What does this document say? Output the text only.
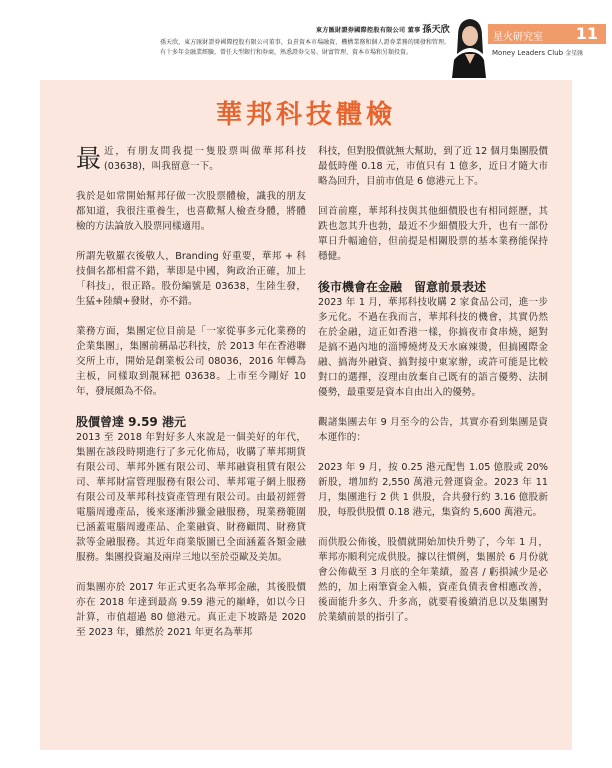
東方匯財證券國際控股有限公司 董事 孫天欣
孫天欣，東方匯財證券國際控股有限公司董事，負責資本市場融資、機構業務和個人證券業務的開發和管理。有十多年金融業經驗，曾任大型銀行和券商，熟悉證券交易、財富管理、資本市場和另類投資。
星火研究室 11
Money Leaders Club 金星匯
華邦科技體檢

最近，有朋友問我提一隻股票叫做華邦科技(03638)，叫我留意一下。

我於是如常開始幫邦仔做一次股票體檢，識我的朋友都知道，我很注重養生，也喜歡幫人檢查身體，將體檢的方法論放入股票同樣適用。

所謂先敬羅衣後敬人，Branding 好重要，華邦 + 科技個名都相當不錯，華即是中國，夠政治正確，加上「科技」，很正路。股份編號是 03638，生陸生發，生猛+陸續+發財，亦不錯。

業務方面，集團定位目前是「一家從事多元化業務的企業集團」，集團前稱晶芯科技，於 2013 年在香港聯交所上市，開始是創業板公司 08036，2016 年轉為主板，同樣取到靚冧把 03638。上市至今剛好 10 年，發展頗為不俗。

股價曾達 9.59 港元
2013 至 2018 年對好多人來說是一個美好的年代，集團在該段時期進行了多元化佈局，收購了華邦期貨有限公司、華邦外匯有限公司、華邦融資租賃有限公司、華邦財富管理服務有限公司、華邦電子網上服務有限公司及華邦科技資產管理有限公司。由最初經營電腦周邊產品，後來逐漸涉獵金融服務，現業務範圍已涵蓋電腦周邊產品、企業融資、財務顧問、財務貸款等金融服務。其近年商業版圖已全面涵蓋各類金融服務。集團投資遍及兩岸三地以至於亞歐及美加。

而集團亦於 2017 年正式更名為華邦金融，其後股價亦在 2018 年達到最高 9.59 港元的巔峰，如以今日計算，市值超過 80 億港元。真正走下坡路是 2020 至 2023 年，雖然於 2021 年更名為華邦

科技，但對股價就無大幫助，到了近 12 個月集團股價最低時僅 0.18 元，市值只有 1 億多，近日才隨大市略為回升，目前市值是 6 億港元上下。

回首前塵，華邦科技與其他細價股也有相同經歷，其跌也忽其升也勃，最近不少細價股大升，也有一部份單日升幅逾倍，但前提是相關股票的基本業務能保持穩健。

後市機會在金融　留意前景表述
2023 年 1 月，華邦科技收購 2 家食品公司，進一步多元化。不過在我而言，華邦科技的機會，其實仍然在於金融，這正如香港一樣，你搞夜市食串燒，絕對是搞不過內地的淄博燒烤及天水麻辣燙，但搞國際金融、搞海外融資、搞對接中東家辦，或許可能是比較對口的選擇，沒理由放棄自己既有的語言優勢、法制優勢，最重要是資本自由出入的優勢。

觀諸集團去年 9 月至今的公告，其實亦看到集團是資本運作的：

2023 年 9 月，按 0.25 港元配售 1.05 億股或 20% 新股，增加約 2,550 萬港元營運資金。2023 年 11 月，集團進行 2 供 1 供股，合共發行約 3.16 億股新股，每股供股價 0.18 港元，集資約 5,600 萬港元。

而供股公佈後，股價就開始加快升勢了，今年 1 月，華邦亦順利完成供股。據以往慣例，集團於 6 月份就會公佈截至 3 月底的全年業績，盈喜 / 虧損減少是必然的，加上兩筆資金入帳，資產負債表會相應改善，後面能升多久、升多高，就要看後續消息以及集團對於業績前景的指引了。
